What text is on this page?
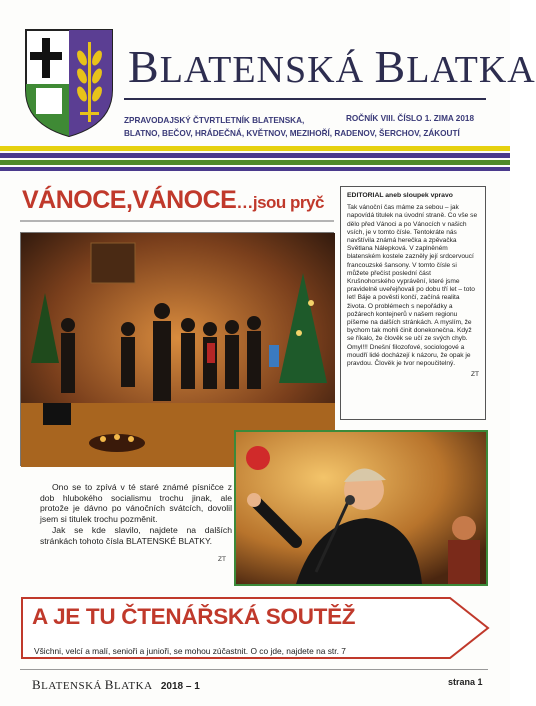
BLATENSKÁ BLATKA
ZPRAVODAJSKÝ ČTVRTLETNÍK BLATENSKA,
BLATNO, BEČOV, HRÁDEČNÁ, KVĚTNOV, MEZIHOŘÍ, RADENOV, ŠERCHOV, ZÁKOUTÍ
ROČNÍK VIII. ČÍSLO 1. ZIMA 2018
VÁNOCE,VÁNOCE…jsou pryč	EDITORIAL aneb sloupek vpravo
Tak vánoční čas máme za sebou – jak napovídá titulek na úvodní straně. Co vše se dělo před Vánoci a po Vánocích v našich vsích, je v tomto čísle. Tentokráte nás navštívila známá herečka a zpěvačka Světlana Nálepková. V zaplněném blatenském kostele zazněly její srdcervoucí francouzské šansony. V tomto čísle si můžete přečíst poslední část Krušnohorského vyprávění, které jsme pravidelně uveřejňovali po dobu tří let – toto let! Báje a pověsti končí, začíná realita života. O problémech s nepořádky a požárech kontejnerů v našem regionu píšeme na dalších stránkách. A myslím, že bychom tak mohli činit donekonečna. Když se říkalo, že člověk se učí ze svých chyb. Omyl!!! Dnešní filozofové, sociologové a moudří lidé docházejí k názoru, že opak je pravdou. Člověk je tvor nepoučitelný.
ZT

Ono se to zpívá v té staré známé písničce z dob hlubokého socialismu trochu jinak, ale protože je dávno po vánočních svátcích, dovolil jsem si titulek trochu pozměnit.

Jak se kde slavilo, najdete na dalších stránkách tohoto čísla BLATENSKÉ BLATKY.

ZT
A JE TU ČTENÁŘSKÁ SOUTĚŽ
Všichni, velcí a malí, senioři a junioři, se mohou zúčastnit. O co jde, najdete na str. 7
BLATENSKÁ BLATKA 2018 – 1	strana 1
